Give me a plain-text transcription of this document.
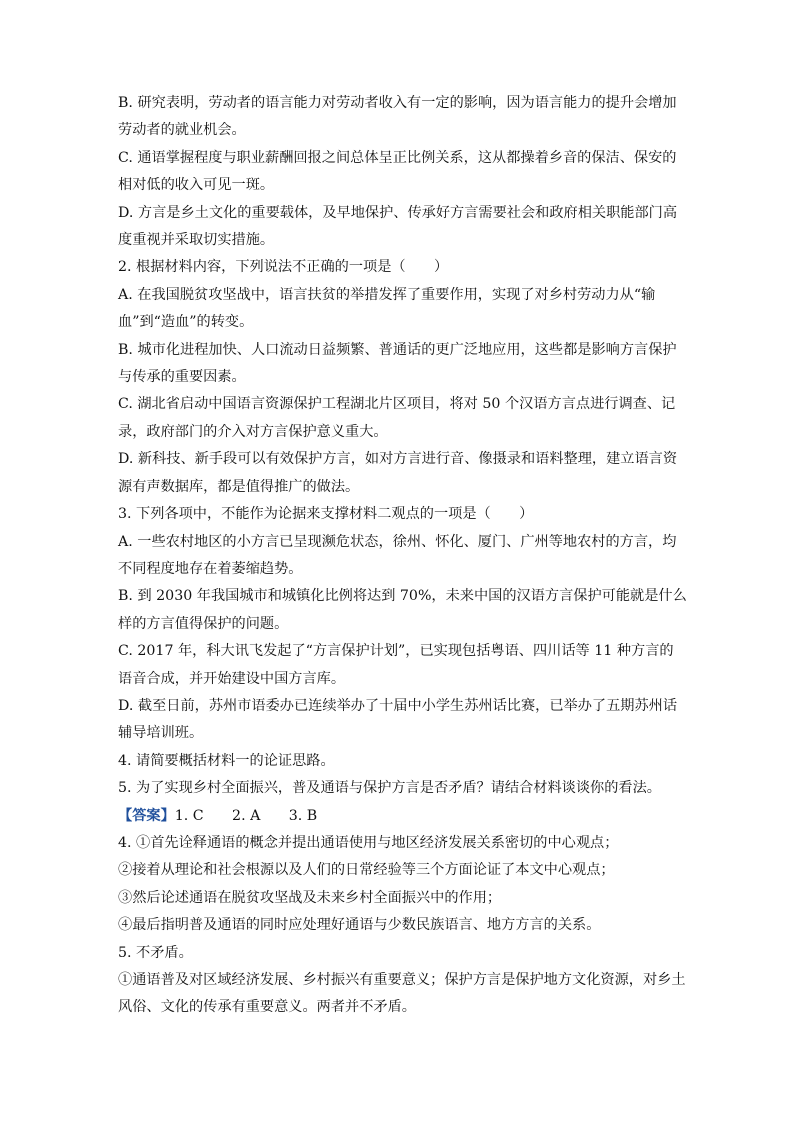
B. 研究表明，劳动者的语言能力对劳动者收入有一定的影响，因为语言能力的提升会增加

劳动者的就业机会。

C. 通语掌握程度与职业薪酬回报之间总体呈正比例关系，这从都操着乡音的保洁、保安的

相对低的收入可见一斑。

D. 方言是乡土文化的重要载体，及早地保护、传承好方言需要社会和政府相关职能部门高

度重视并采取切实措施。

2. 根据材料内容，下列说法不正确的一项是（　　）

A. 在我国脱贫攻坚战中，语言扶贫的举措发挥了重要作用，实现了对乡村劳动力从“输

血”到“造血”的转变。

B. 城市化进程加快、人口流动日益频繁、普通话的更广泛地应用，这些都是影响方言保护

与传承的重要因素。

C. 湖北省启动中国语言资源保护工程湖北片区项目，将对 50 个汉语方言点进行调查、记

录，政府部门的介入对方言保护意义重大。

D. 新科技、新手段可以有效保护方言，如对方言进行音、像摄录和语料整理，建立语言资

源有声数据库，都是值得推广的做法。

3. 下列各项中，不能作为论据来支撑材料二观点的一项是（　　）

A. 一些农村地区的小方言已呈现濒危状态，徐州、怀化、厦门、广州等地农村的方言，均

不同程度地存在着萎缩趋势。

B. 到 2030 年我国城市和城镇化比例将达到 70%，未来中国的汉语方言保护可能就是什么

样的方言值得保护的问题。

C. 2017 年，科大讯飞发起了“方言保护计划”，已实现包括粤语、四川话等 11 种方言的

语音合成，并开始建设中国方言库。

D. 截至日前，苏州市语委办已连续举办了十届中小学生苏州话比赛，已举办了五期苏州话

辅导培训班。

4. 请简要概括材料一的论证思路。

5. 为了实现乡村全面振兴，普及通语与保护方言是否矛盾？请结合材料谈谈你的看法。

【答案】1. C　　2. A　　3. B

4. ①首先诠释通语的概念并提出通语使用与地区经济发展关系密切的中心观点；

②接着从理论和社会根源以及人们的日常经验等三个方面论证了本文中心观点；

③然后论述通语在脱贫攻坚战及未来乡村全面振兴中的作用；

④最后指明普及通语的同时应处理好通语与少数民族语言、地方方言的关系。

5. 不矛盾。

①通语普及对区域经济发展、乡村振兴有重要意义；保护方言是保护地方文化资源，对乡土

风俗、文化的传承有重要意义。两者并不矛盾。
